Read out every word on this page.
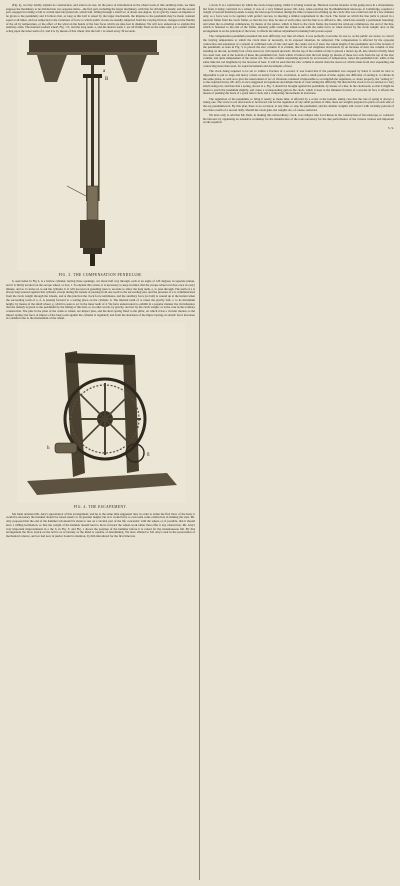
(Fig. 4), we may briefly explain its construction, and what is its use. At the place of introduction in the wheel work of this auxiliary-train, we must suppose the machinery to be divided into two separate trains—the first part, including the larger machinery, with that for driving the hands; and the second part, engaged in raising a ball at certain intervals (intervals, which ball, falling through a small arc of about one-degree, by its gravity causes an impulse to be given to the pendulum; and it follows that, as long as this ball is raised by the larger mechanism, the impulse to the pendulum may be made constant equal at all times, and not subjected to the variations of force to which public clocks are usually subjected from the varying friction, changes in the fluidity of the oil by temperature, or the effect of the wind on the hands of the four faces which are nine feet in diameter. We will now endeavour to explain this auxiliary-train. The internal toothed wheel, Fig. 1 E, and the long teeth, a, and the shorter teeth, f, are all firmly fixed on the same axis: g is a small wheel acting upon the inner teeth of d, and it is by means of this wheel, that the ball c is raised every 30 seconds.

a
B

FIG. 3. THE COMPENSATION PENDULUM.

h, seen better in Fig 4, is a hollow cylinder, having three openings, cut about half way through, each at an angle of 120 degrees, in separate planes, and it is firmly secured on the escape wheel, or box, l. To explain this action, it is necessary to keep in mind, that the escape wheel revolves once in every minute, and so it carries us to ask the cylinder, h. It will proceed on spending rates to seconds to allow the long teeth, e, to pass through. The teeth of e is always kept pressed against this cylinder, except during the instant of passing from one tooth to the succeeding one; and the pressure of e is communicated from the clock weight through the wheels, and at this junction the clock force terminates, and the auxiliary force (or ball) is wound up at the instant when the succeeding tooth of e, d, is passing forward to a resting place on the cylinder, h. The internal teeth of d, raises the gravity ball, c, to its maximum height, by means of the small wheel, g, which is seen to act in the inner teeth of d. We have endeavoured to exhibit in a popular manner the circumstance that the remedy is given to the pendulum by the falling of this ball, or, in other words, by gravity, and not by the clock weight, as is the case in the ordinary construction. The pins in the plate of the crank or wheel, are impact pins, and the short spring fixed to the pillar, on which it has a circular motion, is the impact spring: the force of impact of the long tooth against the cylinder is regulated; and from the shortness of the impact spring, its elastic force increases in a similar ratio to the momentum of the wheel.

h
g

FIG. 4. THE ESCAPEMENT.

Mr. Dent obtained Mr. Airy's approbation of this arrangement; and he at the same time suggested that, in order to strike the first blow of the hour, it would be necessary the hammer should be raised nearly to its greatest height; but as it would have to overcome some obstruction in making the start, Mr. Airy proposed that the end of the hammer tail should be made to rest on a circular part of the lift, concentric with the wheel, or, if possible, that it should have a trifling inclination, so that the weight of the hammer should tend to move forward the wheel-work rather than offer it any obstruction. Mr. Airy's very important improvements in a the b, in Fig. 5; and Fig. 1 shows the position of the hammer before it is raised for the instantaneous fall. By this arrangement the blow struck on the bell is as accurately as the mind is capable of determining. We have alluded to Mr. Airy's zeal in the prosecution of mechanical science, and we feel now in justice bound to mention, by him introduced for the first time into

a clock. It is a contrivance by which the clock is kept going, whilst it is being wound up. Harrison was the inventor of the going-force in a chronometer, but from it being contrived in a wheel, it was of a very limited power. Mr. Airy, when erecting the Northumberland telescope at Cambridge, required a weight of several hundred pounds to keep the telescope in motion during the time occupied in winding up the clock: this was contrived and in a few minutes only, as a force was to be applied, with perfect success, in meeting a similar requirement in the clock. The barrel on which the line pulls is placed in a separate frame from the clock frame, so that the two may be sure of each other, and the line is so affixed to this, which has usually a permanent fastening; and when the re-winding commences, by means of the pinion, which is fixed to the clock frame, the instant the wind-up commences, the end of the line, which is fastened to the end of the frame, instantly pulls round the wheel-work with the same force as when moved by the clock weight; and, as the arrangement is on the principle of the lever, it affords the utmost adjustment in making both powers equal.

The compensation pendulum presented the next difficulty, but, like all others, it was perfectly overcome. In one to, as the public are aware, to correct the varying temperature to which the clock must of necessity, in its exposed situation, be subjected. The compensation is effected by the opposite contraction and expansion of a system of combined rods of zinc and steel; the centre rod is of steel, the whole length of the pendulum; and at the bottom of the pendulum, as seen in Fig. 3, is placed the zinc column. It is evident, that if the rod lengthens downwards by an increase of heat, the column of zinc standing on the nut, probably four of the steel rod, will expand upwards. On the top of the column of zinc is placed a metal cap, B, into which is firmly fixed two steel rods, and at the bottom of these the pendulum bob, from which it follows that the bob hangs by means of these two rods from the top of the zinc column, and quite independent of the centre rod. The zinc column expanding upwards by an increase of temperature, raises the pendulum bob, while at the same time the rod lengthens by the increase of heat. It will be seen that the zinc column is shorter than the steel rod, which arises from zinc expanding and contracting more than steel, for equal increments and decrements of heat.

The clock being required to be set to within a fraction of a second, it was found that if the pendulum was stopped by hand, it would be next to impossible to put so large and heavy a mass as nearly four cwts., in motion, to such a small portion of time. Again, the difficulty of setting it, to vibrate in the same plane, as well as to give the usual extent of arc of vibration, rendered it impossible to accomplish the regulation, or, more properly, the “setting it,” to the required nicety. Mr. Airy at once suggested an ingenious and simple mode of overcoming the difficulty. He directed the clock to be so started at a very small swing rest, and then that a spring, shown at s, Fig. 3, should be brought against the pendulum, by means of a line, in the clockroom, so that it might be made to touch the pendulum slightly, and cause a corresponding gain in the clock, which it does to the minutest fraction of a second. In fact, it affords the means of pushing the beats of a great turret clock and a competing chronometer in exactness.

The regulation of the pendulum, to bring it nearly to mean time, is effected by a screw at the bottom, taking care that the rate of going is always a losing one. The screw is not afterwards to be moved, but for the regulation of any small portions of time; there are weights prepared to place on each side of the top pendulum-bob. By this plan, there is no occasion, at any time, to stop the pendulum; and the smaller weights will correct with certainty periods of less than a tenth of a second daily. Should the clock gain, the weights are, of course, removed.

We have only to add that Mr. Dent, in making this extraordinary clock, was obliged, like Lord Rosse in the construction of his telescope, to construct his laborers by organising an extensive workshop for the manufacture of the tools necessary for the due performance of the various curious and important works required.

S. S.
